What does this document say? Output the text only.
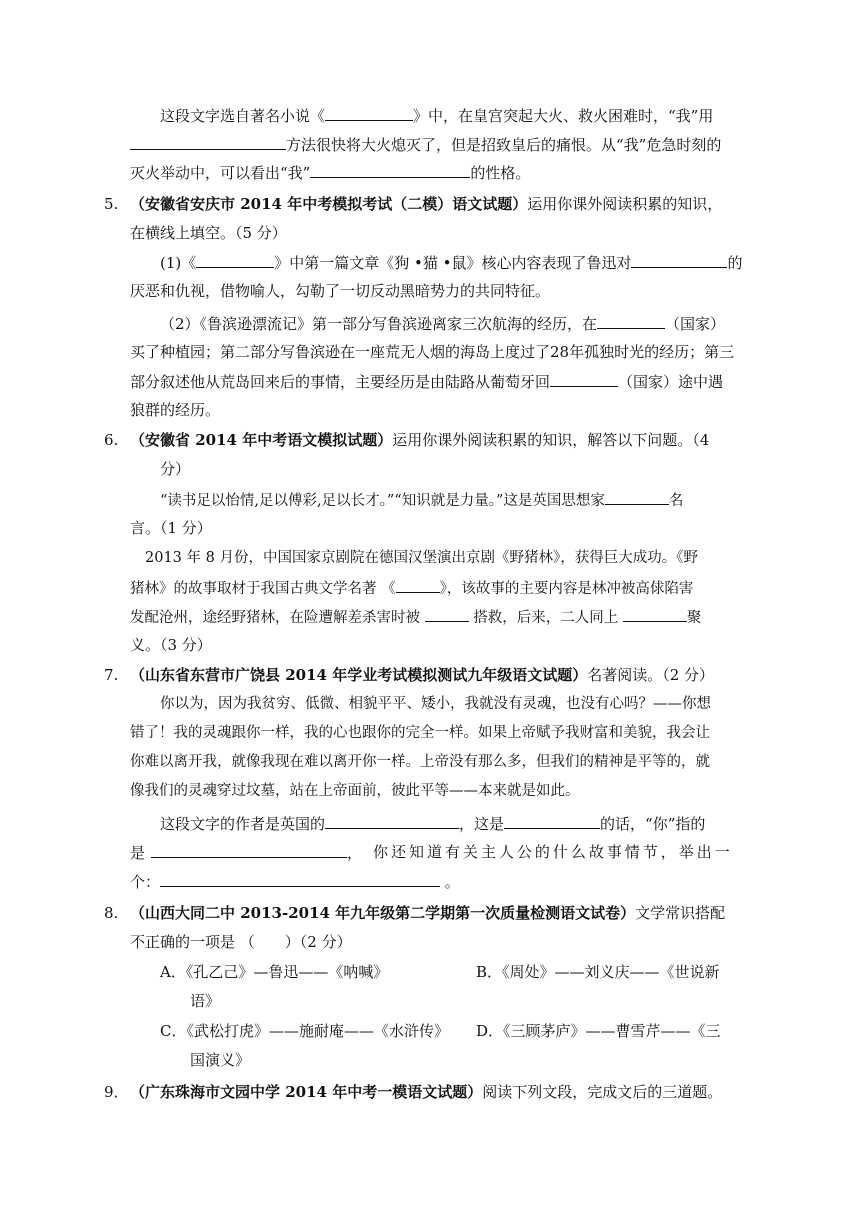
这段文字选自著名小说《	》中，在皇宫突起大火、救火困难时，“我”用
方法很快将大火熄灭了，但是招致皇后的痛恨。从“我”危急时刻的
灭火举动中，可以看出“我”	的性格。
5. （安徽省安庆市 2014 年中考模拟考试（二模）语文试题）运用你课外阅读积累的知识，
在横线上填空。（5 分）
(1)《	》中第一篇文章《狗 •猫 •鼠》核心内容表现了鲁迅对	的
厌恶和仇视，借物喻人，勾勒了一切反动黑暗势力的共同特征。
（2）《鲁滨逊漂流记》第一部分写鲁滨逊离家三次航海的经历，在	（国家）
买了种植园；第二部分写鲁滨逊在一座荒无人烟的海岛上度过了28年孤独时光的经历；第三
部分叙述他从荒岛回来后的事情，主要经历是由陆路从葡萄牙回	（国家）途中遇
狼群的经历。
6. （安徽省 2014 年中考语文模拟试题）运用你课外阅读积累的知识，解答以下问题。（4
分）
“读书足以怡情,足以傅彩,足以长才。”“知识就是力量。”这是英国思想家	名
言。（1 分）
2013 年 8 月份，中国国家京剧院在德国汉堡演出京剧《野猪林》，获得巨大成功。《野
猪林》的故事取材于我国古典文学名著 《	》，该故事的主要内容是林冲被高俅陷害
发配沧州，途经野猪林，在险遭解差杀害时被	搭救，后来，二人同上	聚
义。（3 分）
7. （山东省东营市广饶县 2014 年学业考试模拟测试九年级语文试题）名著阅读。（2 分）
你以为，因为我贫穷、低微、相貌平平、矮小，我就没有灵魂，也没有心吗？——你想
错了！我的灵魂跟你一样，我的心也跟你的完全一样。如果上帝赋予我财富和美貌，我会让
你难以离开我，就像我现在难以离开你一样。上帝没有那么多，但我们的精神是平等的，就
像我们的灵魂穿过坟墓，站在上帝面前，彼此平等——本来就是如此。
这段文字的作者是英国的	，这是	的话，“你”指的
是	， 你 还 知 道 有 关 主 人 公 的 什 么 故 事 情 节 ， 举 出 一
个：	。
8. （山西大同二中 2013-2014 年九年级第二学期第一次质量检测语文试卷）文学常识搭配
不正确的一项是 （　　）（2 分）
A．《孔乙己》—鲁迅——《呐喊》	B．《周处》——刘义庆——《世说新
语》
C．《武松打虎》——施耐庵——《水浒传》 D．《三顾茅庐》——曹雪芹——《三
国演义》
9． （广东珠海市文园中学 2014 年中考一模语文试题）阅读下列文段，完成文后的三道题。
